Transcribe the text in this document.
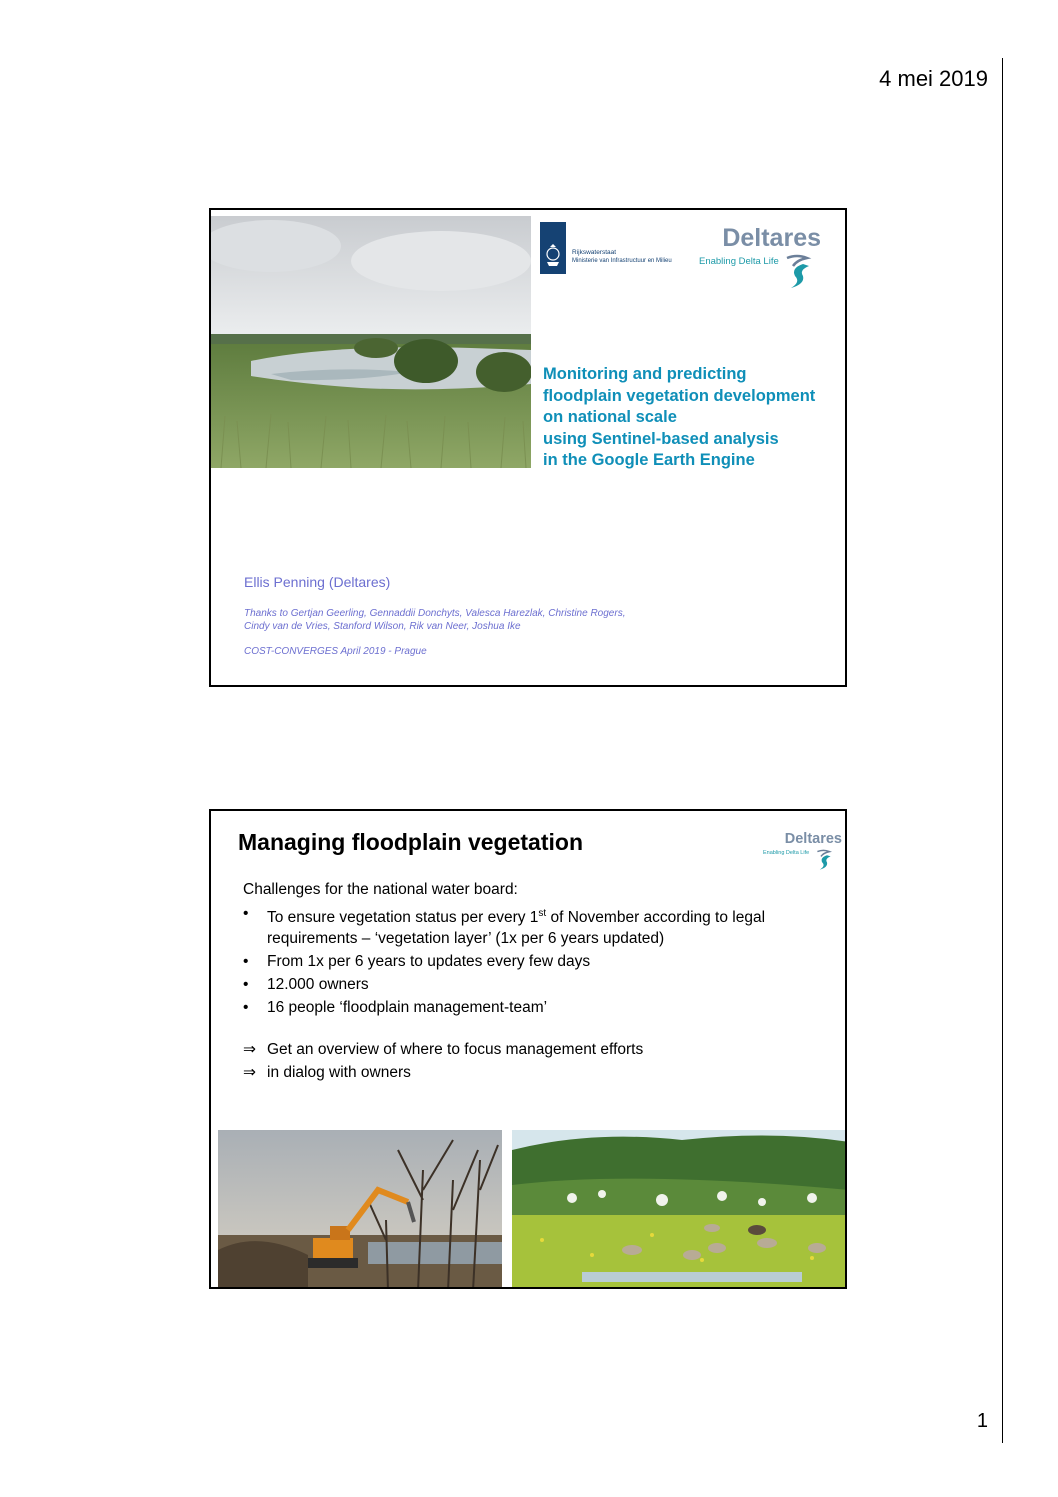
4 mei 2019
1
Rijkswaterstaat
Ministerie van Infrastructuur en Milieu
Deltares
Enabling Delta Life
Monitoring and predicting
floodplain vegetation development
on national scale
using Sentinel-based analysis
in the Google Earth Engine
Ellis Penning (Deltares)
Thanks to Gertjan Geerling, Gennaddii Donchyts, Valesca Harezlak, Christine Rogers,
Cindy van de Vries, Stanford Wilson, Rik van Neer, Joshua Ike
COST-CONVERGES April 2019 - Prague
Managing floodplain vegetation	Deltares
Enabling Delta Life
Challenges for the national water board:
• To ensure vegetation status per every 1st of November according to legal requirements – ‘vegetation layer’ (1x per 6 years updated)
• From 1x per 6 years to updates every few days
• 12.000 owners
• 16 people ‘floodplain management-team’
⇒ Get an overview of where to focus management efforts
⇒ in dialog with owners
